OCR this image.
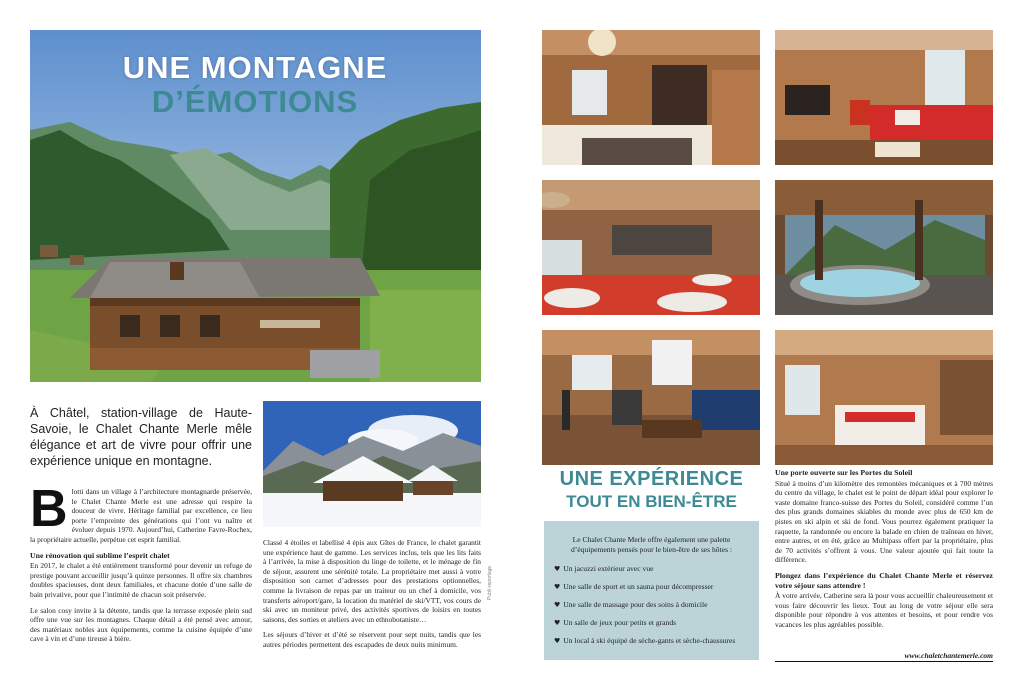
UNE MONTAGNE
D’ÉMOTIONS
À Châtel, station-village de Haute-Savoie, le Chalet Chante Merle mêle élégance et art de vivre pour offrir une expérience unique en montagne.
B lotti dans un village à l’architecture montagnarde préservée, le Chalet Chante Merle est une adresse qui respire la douceur de vivre. Héritage familial par excellence, ce lieu porte l’empreinte des générations qui l’ont vu naître et évoluer depuis 1970. Aujourd’hui, Catherine Favre-Rochex, la propriétaire actuelle, perpétue cet esprit familial.

Une rénovation qui sublime l’esprit chalet

En 2017, le chalet a été entièrement transformé pour devenir un refuge de prestige pouvant accueillir jusqu’à quinze personnes. Il offre six chambres doubles spacieuses, dont deux familiales, et chacune dotée d’une salle de bain privative, pour que l’intimité de chacun soit préservée.

Le salon cosy invite à la détente, tandis que la terrasse exposée plein sud offre une vue sur les montagnes. Chaque détail a été pensé avec amour, des matériaux nobles aux équipements, comme la cuisine équipée d’une cave à vin et d’une tireuse à bière.

Classé 4 étoiles et labellisé 4 épis aux Gîtes de France, le chalet garantit une expérience haut de gamme. Les services inclus, tels que les lits faits à l’arrivée, la mise à disposition du linge de toilette, et le ménage de fin de séjour, assurent une sérénité totale. La propriétaire met aussi à votre disposition son carnet d’adresses pour des prestations optionnelles, comme la livraison de repas par un traiteur ou un chef à domicile, vos transferts aéroport/gare, la location du matériel de ski/VTT, vos cours de ski avec un moniteur privé, des activités sportives de loisirs en toutes saisons, des sorties et ateliers avec un ethnobotaniste…

Les séjours d’hiver et d’été se réservent pour sept nuits, tandis que les autres périodes permettent des escapades de deux nuits minimum.

Publi-reportage
UNE EXPÉRIENCE
TOUT EN BIEN-ÊTRE

Le Chalet Chante Merle offre également une palette d’équipements pensés pour le bien-être de ses hôtes :

♥ Un jacuzzi extérieur avec vue
♥ Une salle de sport et un sauna pour décompresser
♥ Une salle de massage pour des soins à domicile
♥ Un salle de jeux pour petits et grands
♥ Un local à ski équipé de sèche-gants et sèche-chaussures
Une porte ouverte sur les Portes du Soleil

Situé à moins d’un kilomètre des remontées mécaniques et à 700 mètres du centre du village, le chalet est le point de départ idéal pour explorer le vaste domaine franco-suisse des Portes du Soleil, considéré comme l’un des plus grands domaines skiables du monde avec plus de 650 km de pistes en ski alpin et ski de fond. Vous pourrez également pratiquer la raquette, la randonnée ou encore la balade en chien de traîneau en hiver, entre autres, et en été, grâce au Multipass offert par la propriétaire, plus de 70 activités s’offrent à vous. Une valeur ajoutée qui fait toute la différence.

Plongez dans l’expérience du Chalet Chante Merle et réservez votre séjour sans attendre !

À votre arrivée, Catherine sera là pour vous accueillir chaleureusement et vous faire découvrir les lieux. Tout au long de votre séjour elle sera disponible pour répondre à vos attentes et besoins, et pour rendre vos vacances les plus agréables possible.

www.chaletchantemerle.com
